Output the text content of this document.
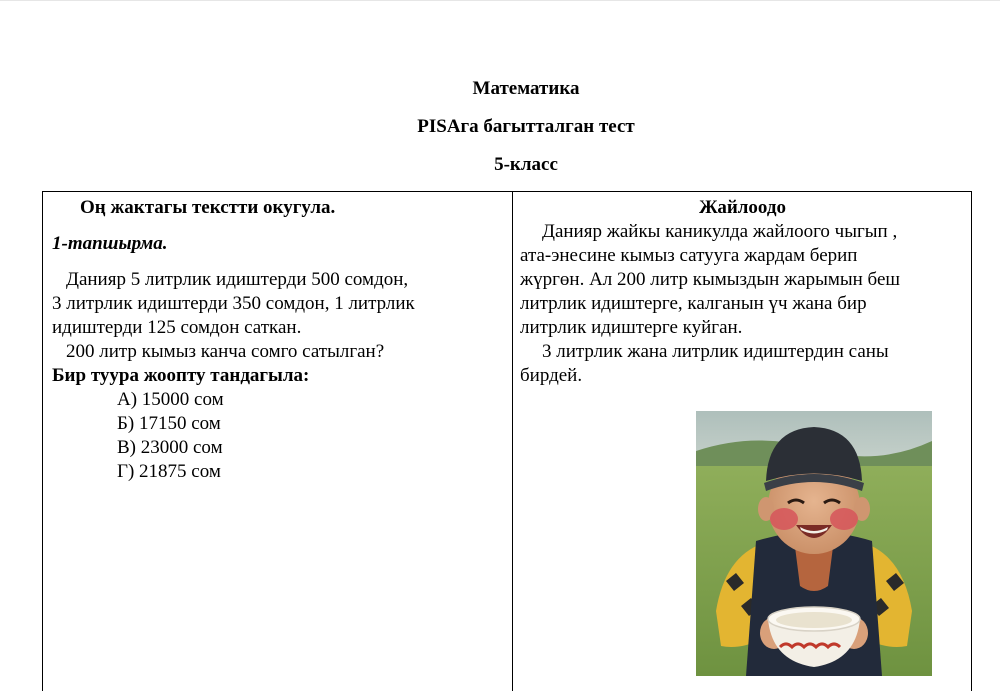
Математика
PISAга багытталган тест
5-класс
Оң жактагы текстти окугула.
1-тапшырма.
Данияр 5 литрлик идиштерди 500 сомдон,
3 литрлик идиштерди 350 сомдон, 1 литрлик
идиштерди 125 сомдон саткан.
200 литр кымыз канча сомго сатылган?
Бир туура жоопту тандагыла:
А) 15000 сом
Б) 17150 сом
В) 23000 сом
Г) 21875 сом
Жайлоодо
Данияр жайкы каникулда жайлоого чыгып ,
ата-энесине кымыз сатууга жардам берип
жүргөн. Ал 200 литр кымыздын жарымын беш
литрлик идиштерге, калганын үч жана бир
литрлик идиштерге куйган.
3 литрлик жана литрлик идиштердин саны
бирдей.
